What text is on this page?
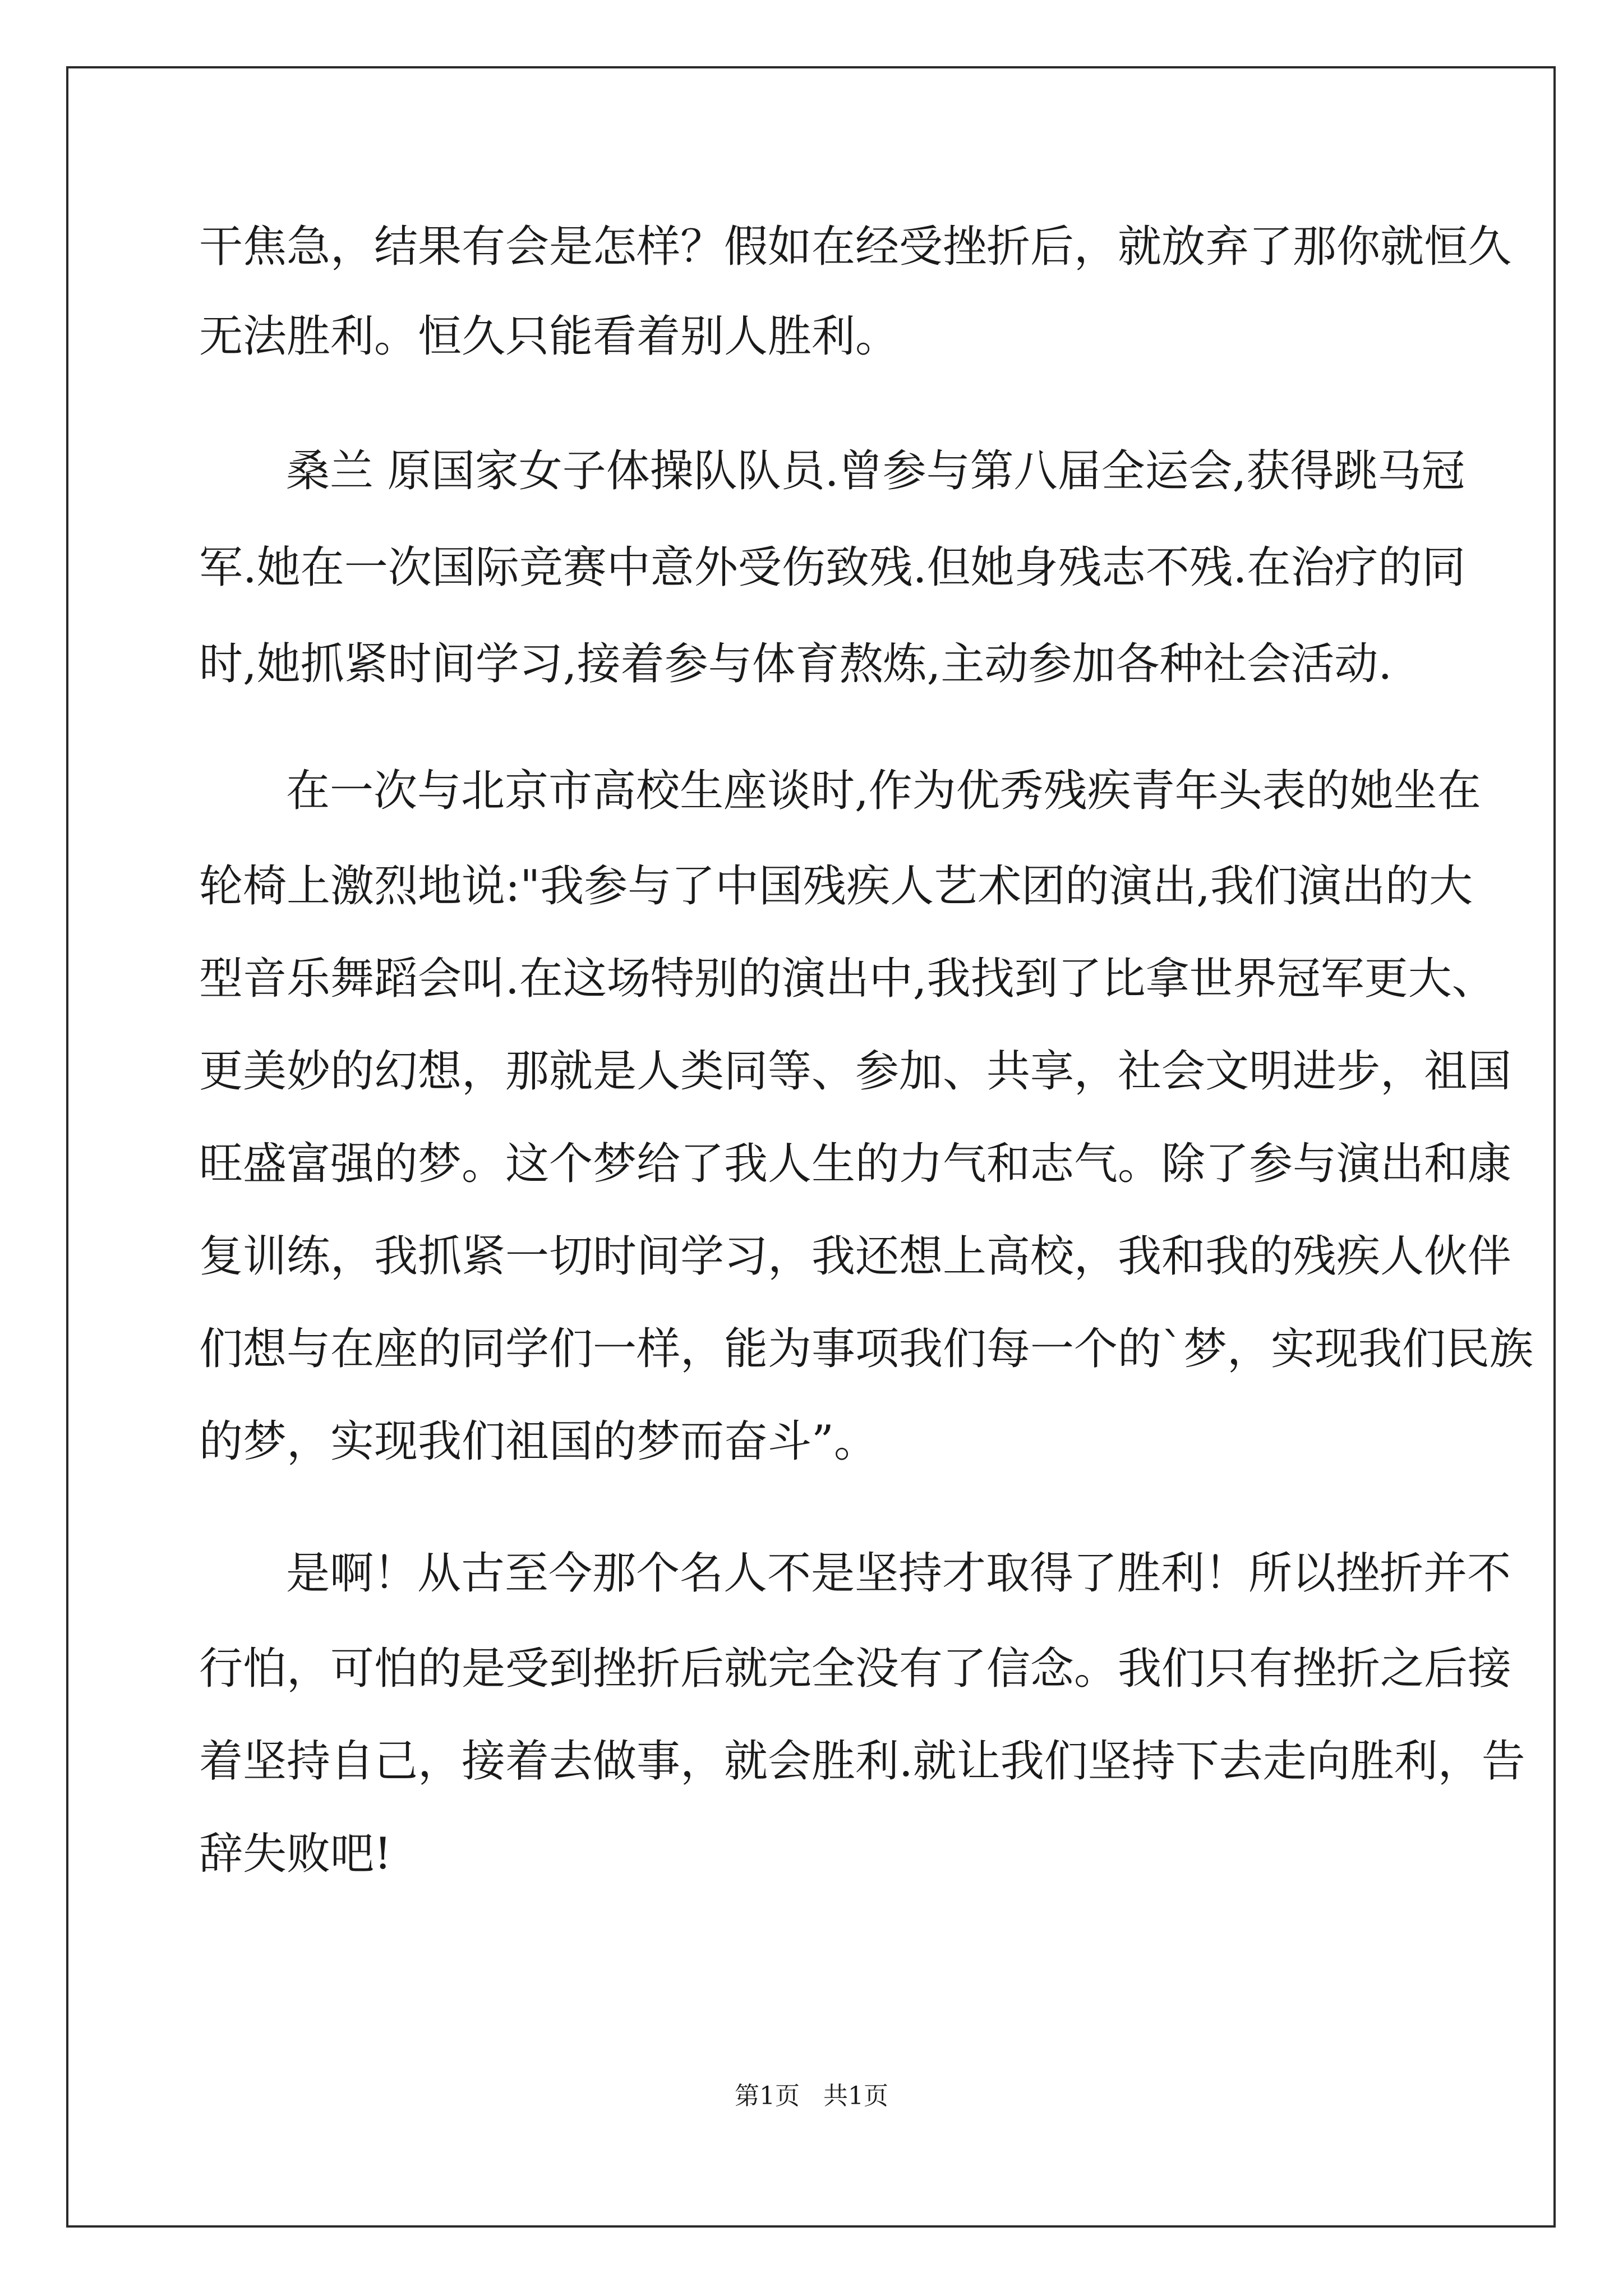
干焦急，结果有会是怎样？假如在经受挫折后，就放弃了那你就恒久
无法胜利。恒久只能看着别人胜利。
桑兰 原国家女子体操队队员.曾参与第八届全运会,获得跳马冠
军.她在一次国际竞赛中意外受伤致残.但她身残志不残.在治疗的同
时,她抓紧时间学习,接着参与体育熬炼,主动参加各种社会活动.
在一次与北京市高校生座谈时,作为优秀残疾青年头表的她坐在
轮椅上激烈地说:"我参与了中国残疾人艺术团的演出,我们演出的大
型音乐舞蹈会叫.在这场特别的演出中,我找到了比拿世界冠军更大、
更美妙的幻想，那就是人类同等、参加、共享，社会文明进步，祖国
旺盛富强的梦。这个梦给了我人生的力气和志气。除了参与演出和康
复训练，我抓紧一切时间学习，我还想上高校，我和我的残疾人伙伴
们想与在座的同学们一样，能为事项我们每一个的`梦，实现我们民族
的梦，实现我们祖国的梦而奋斗”。
是啊！从古至今那个名人不是坚持才取得了胜利！所以挫折并不
行怕，可怕的是受到挫折后就完全没有了信念。我们只有挫折之后接
着坚持自己，接着去做事，就会胜利.就让我们坚持下去走向胜利，告
辞失败吧!
第1页   共1页
